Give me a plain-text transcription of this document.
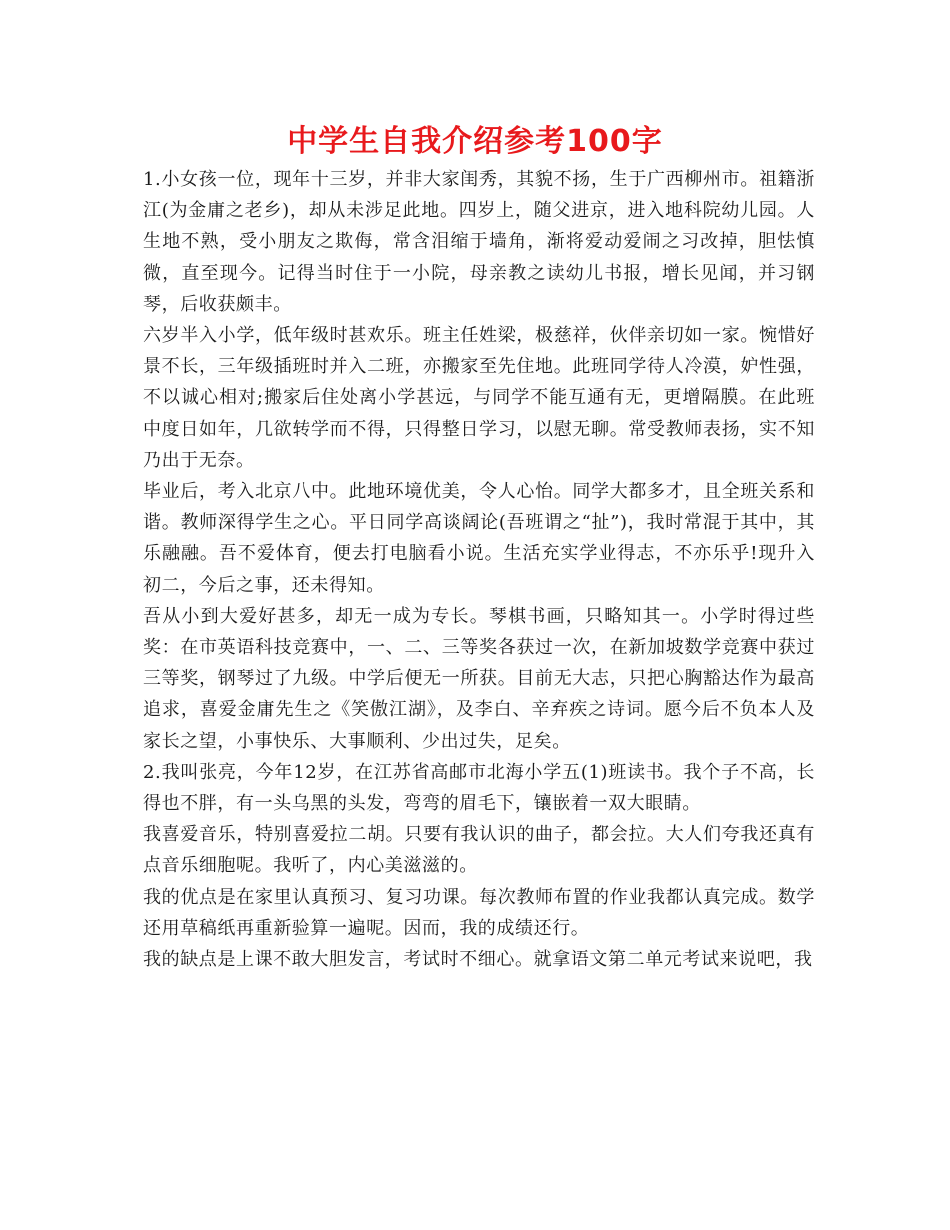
中学生自我介绍参考100字

1.小女孩一位，现年十三岁，并非大家闺秀，其貌不扬，生于广西柳州市。祖籍浙江(为金庸之老乡)，却从未涉足此地。四岁上，随父进京，进入地科院幼儿园。人生地不熟，受小朋友之欺侮，常含泪缩于墙角，渐将爱动爱闹之习改掉，胆怯慎微，直至现今。记得当时住于一小院，母亲教之读幼儿书报，增长见闻，并习钢琴，后收获颇丰。

六岁半入小学，低年级时甚欢乐。班主任姓梁，极慈祥，伙伴亲切如一家。惋惜好景不长，三年级插班时并入二班，亦搬家至先住地。此班同学待人冷漠，妒性强，不以诚心相对;搬家后住处离小学甚远，与同学不能互通有无，更增隔膜。在此班中度日如年，几欲转学而不得，只得整日学习，以慰无聊。常受教师表扬，实不知乃出于无奈。

毕业后，考入北京八中。此地环境优美，令人心怡。同学大都多才，且全班关系和谐。教师深得学生之心。平日同学高谈阔论(吾班谓之“扯”)，我时常混于其中，其乐融融。吾不爱体育，便去打电脑看小说。生活充实学业得志，不亦乐乎!现升入初二，今后之事，还未得知。

吾从小到大爱好甚多，却无一成为专长。琴棋书画，只略知其一。小学时得过些奖：在市英语科技竞赛中，一、二、三等奖各获过一次，在新加坡数学竞赛中获过三等奖，钢琴过了九级。中学后便无一所获。目前无大志，只把心胸豁达作为最高追求，喜爱金庸先生之《笑傲江湖》，及李白、辛弃疾之诗词。愿今后不负本人及家长之望，小事快乐、大事顺利、少出过失，足矣。

2.我叫张亮，今年12岁，在江苏省高邮市北海小学五(1)班读书。我个子不高，长得也不胖，有一头乌黑的头发，弯弯的眉毛下，镶嵌着一双大眼睛。

我喜爱音乐，特别喜爱拉二胡。只要有我认识的曲子，都会拉。大人们夸我还真有点音乐细胞呢。我听了，内心美滋滋的。

我的优点是在家里认真预习、复习功课。每次教师布置的作业我都认真完成。数学还用草稿纸再重新验算一遍呢。因而，我的成绩还行。

我的缺点是上课不敢大胆发言，考试时不细心。就拿语文第二单元考试来说吧，我
